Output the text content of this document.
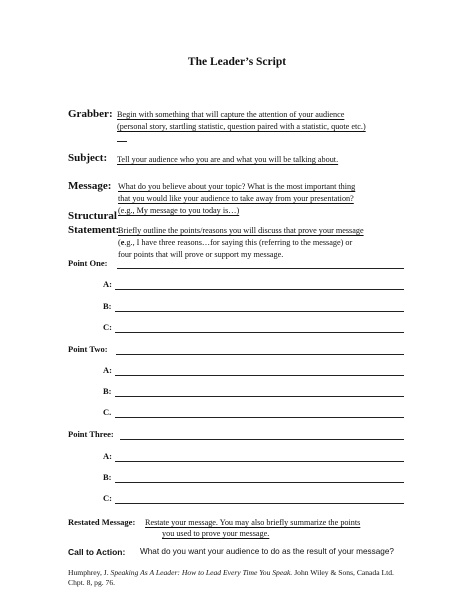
The Leader’s Script
Grabber: Begin with something that will capture the attention of your audience
(personal story, startling statistic, question paired with a statistic, quote etc.)
Subject: Tell your audience who you are and what you will be talking about.
Message: What do you believe about your topic? What is the most important thing
that you would like your audience to take away from your presentation?
(e.g., My message to you today is…)
Structural
Statement:
Briefly outline the points/reasons you will discuss that prove your message
(e.g., I have three reasons…for saying this (referring to the message) or
four points that will prove or support my message.
Point One:
A:
B:
C:
Point Two:
A:
B:
C.
Point Three:
A:
B:
C:
Restated Message: Restate your message. You may also briefly summarize the points
you used to prove your message.
Call to Action: What do you want your audience to do as the result of your message?
Humphrey, J. Speaking As A Leader: How to Lead Every Time You Speak. John Wiley & Sons, Canada Ltd.
Chpt. 8, pg. 76.
